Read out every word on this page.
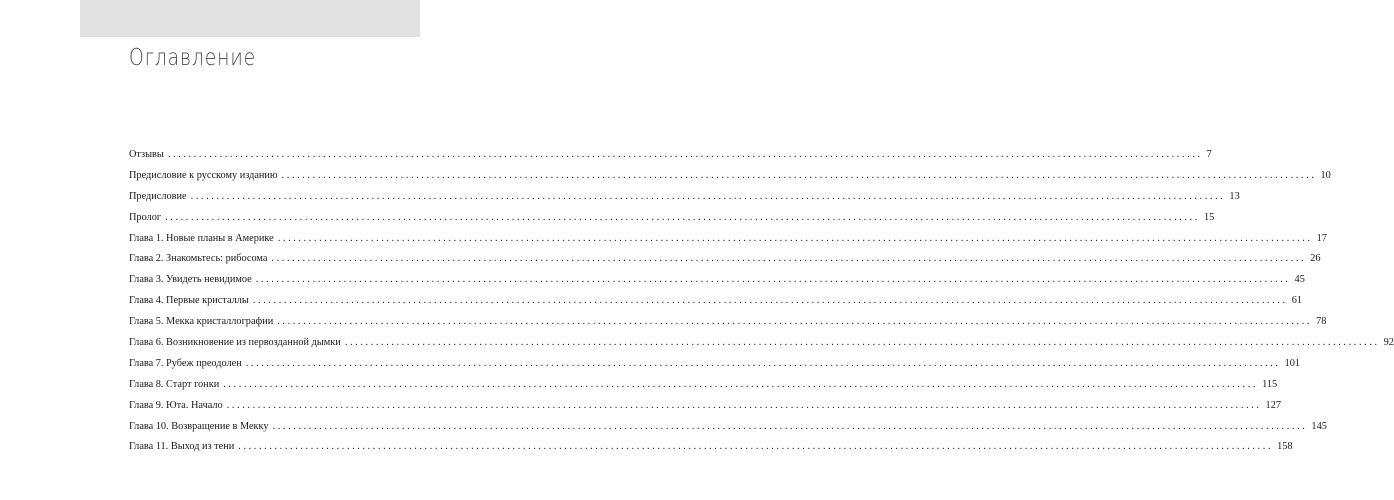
Оглавление
Отзывы ........................................................................................................................................................................................................ 7
Предисловие к русскому изданию ........................................................................................................................................................................................................ 10
Предисловие ........................................................................................................................................................................................................ 13
Пролог ........................................................................................................................................................................................................ 15
Глава 1. Новые планы в Америке ........................................................................................................................................................................................................ 17
Глава 2. Знакомьтесь: рибосома ........................................................................................................................................................................................................ 26
Глава 3. Увидеть невидимое ........................................................................................................................................................................................................ 45
Глава 4. Первые кристаллы ........................................................................................................................................................................................................ 61
Глава 5. Мекка кристаллографии ........................................................................................................................................................................................................ 78
Глава 6. Возникновение из первозданной дымки ........................................................................................................................................................................................................ 92
Глава 7. Рубеж преодолен ........................................................................................................................................................................................................ 101
Глава 8. Старт гонки ........................................................................................................................................................................................................ 115
Глава 9. Юта. Начало ........................................................................................................................................................................................................ 127
Глава 10. Возвращение в Мекку ........................................................................................................................................................................................................ 145
Глава 11. Выход из тени ........................................................................................................................................................................................................ 158
